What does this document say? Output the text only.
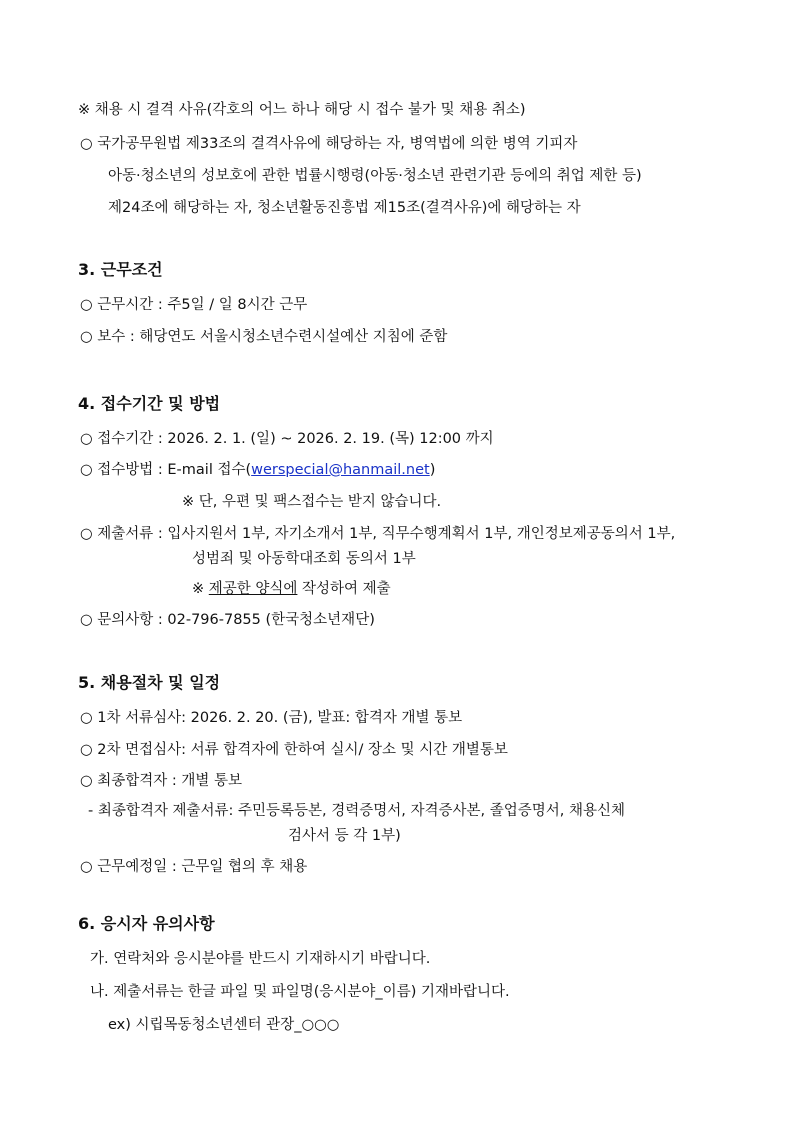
※ 채용 시 결격 사유(각호의 어느 하나 해당 시 접수 불가 및 채용 취소)
○ 국가공무원법 제33조의 결격사유에 해당하는 자, 병역법에 의한 병역 기피자
아동·청소년의 성보호에 관한 법률시행령(아동·청소년 관련기관 등에의 취업 제한 등)
제24조에 해당하는 자, 청소년활동진흥법 제15조(결격사유)에 해당하는 자
3. 근무조건
○ 근무시간 : 주5일 / 일 8시간 근무
○ 보수 : 해당연도 서울시청소년수련시설예산 지침에 준함
4. 접수기간 및 방법
○ 접수기간 : 2026. 2. 1. (일) ~ 2026. 2. 19. (목) 12:00 까지
○ 접수방법 : E-mail 접수(werspecial@hanmail.net)
※ 단, 우편 및 팩스접수는 받지 않습니다.
○ 제출서류 : 입사지원서 1부, 자기소개서 1부, 직무수행계획서 1부, 개인정보제공동의서 1부,
성범죄 및 아동학대조회 동의서 1부
※ 제공한 양식에 작성하여 제출
○ 문의사항 : 02-796-7855 (한국청소년재단)
5. 채용절차 및 일정
○ 1차 서류심사: 2026. 2. 20. (금), 발표: 합격자 개별 통보
○ 2차 면접심사: 서류 합격자에 한하여 실시/ 장소 및 시간 개별통보
○ 최종합격자 : 개별 통보
- 최종합격자 제출서류: 주민등록등본, 경력증명서, 자격증사본, 졸업증명서, 채용신체
검사서 등 각 1부)
○ 근무예정일 : 근무일 협의 후 채용
6. 응시자 유의사항
가. 연락처와 응시분야를 반드시 기재하시기 바랍니다.
나. 제출서류는 한글 파일 및 파일명(응시분야_이름) 기재바랍니다.
ex) 시립목동청소년센터 관장_○○○
